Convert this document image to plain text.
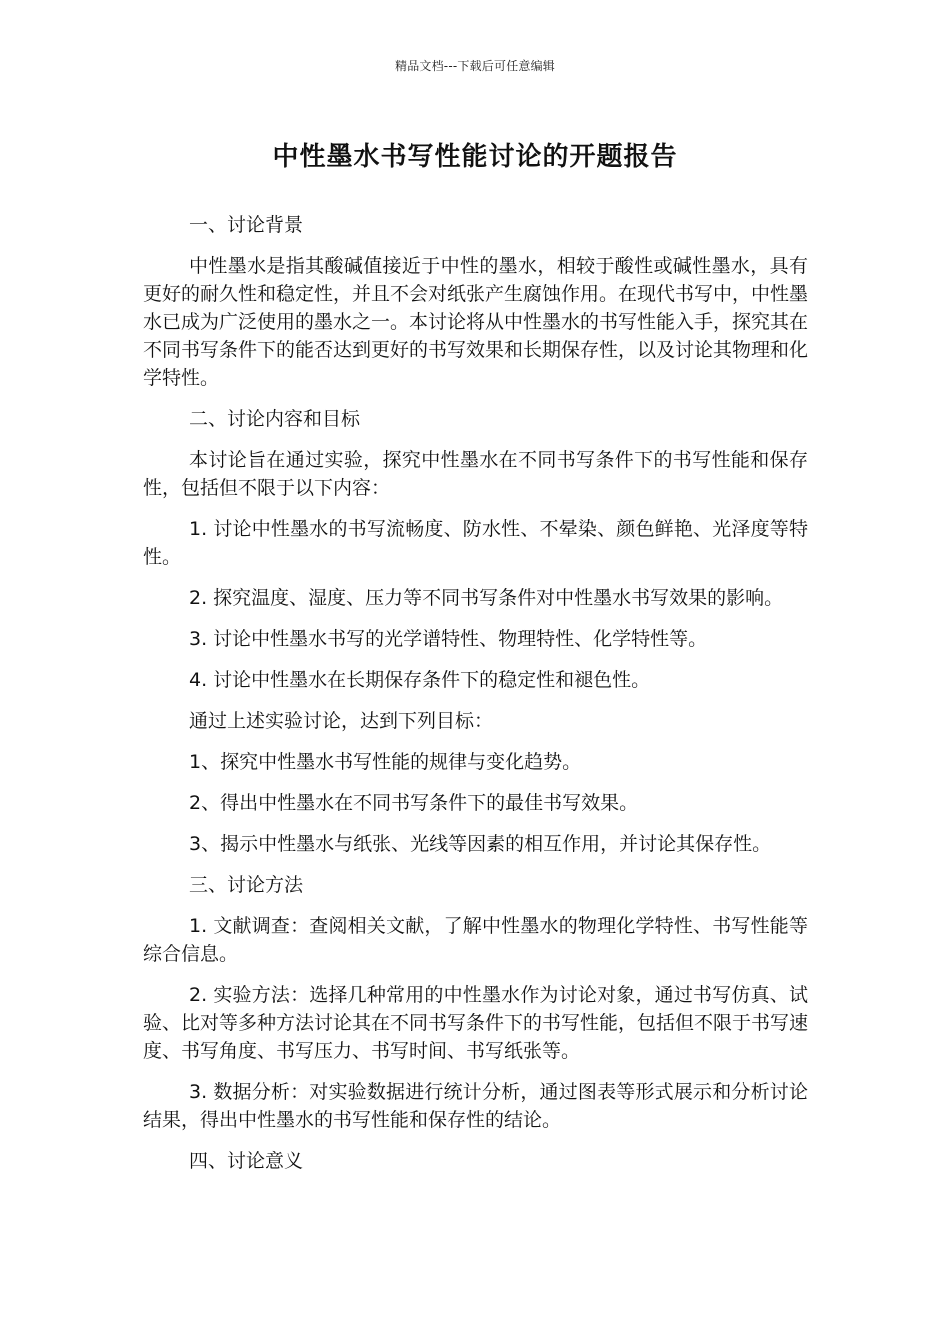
精品文档---下载后可任意编辑
中性墨水书写性能讨论的开题报告

一、讨论背景

中性墨水是指其酸碱值接近于中性的墨水，相较于酸性或碱性墨水，具有更好的耐久性和稳定性，并且不会对纸张产生腐蚀作用。在现代书写中，中性墨水已成为广泛使用的墨水之一。本讨论将从中性墨水的书写性能入手，探究其在不同书写条件下的能否达到更好的书写效果和长期保存性，以及讨论其物理和化学特性。

二、讨论内容和目标

本讨论旨在通过实验，探究中性墨水在不同书写条件下的书写性能和保存性，包括但不限于以下内容：

1. 讨论中性墨水的书写流畅度、防水性、不晕染、颜色鲜艳、光泽度等特性。

2. 探究温度、湿度、压力等不同书写条件对中性墨水书写效果的影响。

3. 讨论中性墨水书写的光学谱特性、物理特性、化学特性等。

4. 讨论中性墨水在长期保存条件下的稳定性和褪色性。

通过上述实验讨论，达到下列目标：

1、探究中性墨水书写性能的规律与变化趋势。

2、得出中性墨水在不同书写条件下的最佳书写效果。

3、揭示中性墨水与纸张、光线等因素的相互作用，并讨论其保存性。

三、讨论方法

1. 文献调查：查阅相关文献，了解中性墨水的物理化学特性、书写性能等综合信息。

2. 实验方法：选择几种常用的中性墨水作为讨论对象，通过书写仿真、试验、比对等多种方法讨论其在不同书写条件下的书写性能，包括但不限于书写速度、书写角度、书写压力、书写时间、书写纸张等。

3. 数据分析：对实验数据进行统计分析，通过图表等形式展示和分析讨论结果，得出中性墨水的书写性能和保存性的结论。

四、讨论意义
